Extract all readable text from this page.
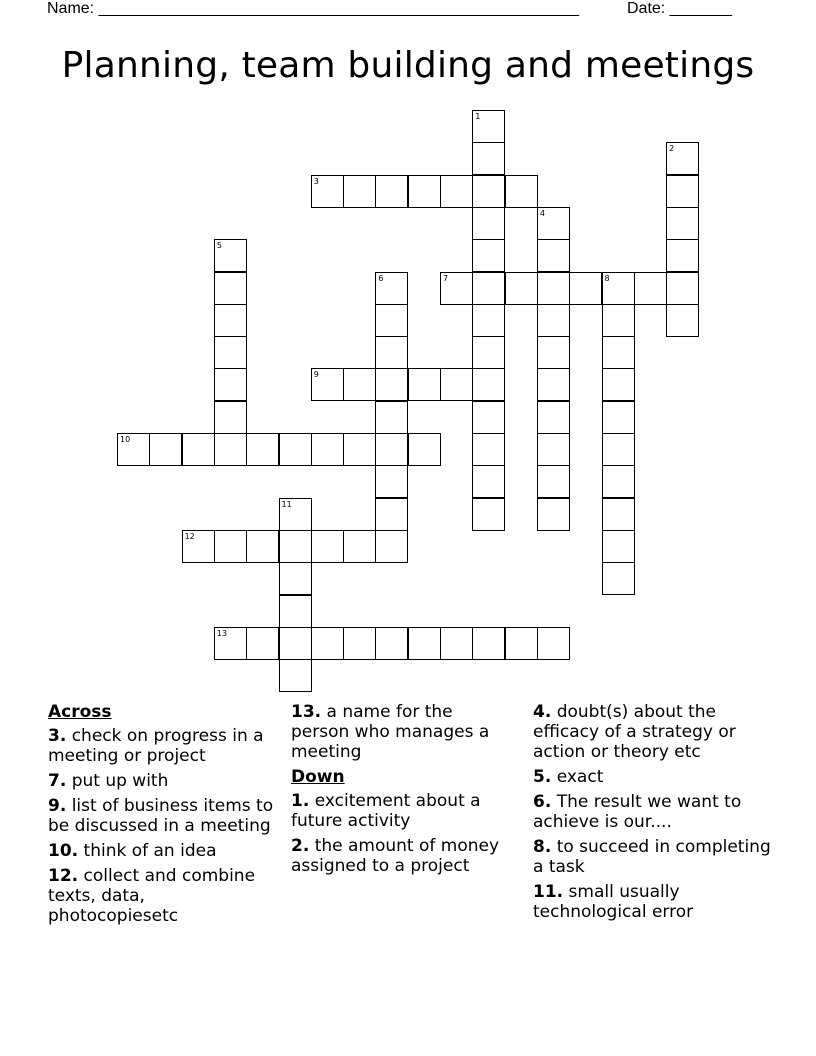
Name: ______________________________________________________	Date: _______
Planning, team building and meetings
1
2
3
4
5
6	7	8
9
10
11
12
13
Across
3. check on progress in a meeting or project
7. put up with
9. list of business items to be discussed in a meeting
10. think of an idea
12. collect and combine texts, data, photocopiesetc
13. a name for the person who manages a meeting
Down
1. excitement about a future activity
2. the amount of money assigned to a project
4. doubt(s) about the efficacy of a strategy or action or theory etc
5. exact
6. The result we want to achieve is our....
8. to succeed in completing a task
11. small usually technological error
